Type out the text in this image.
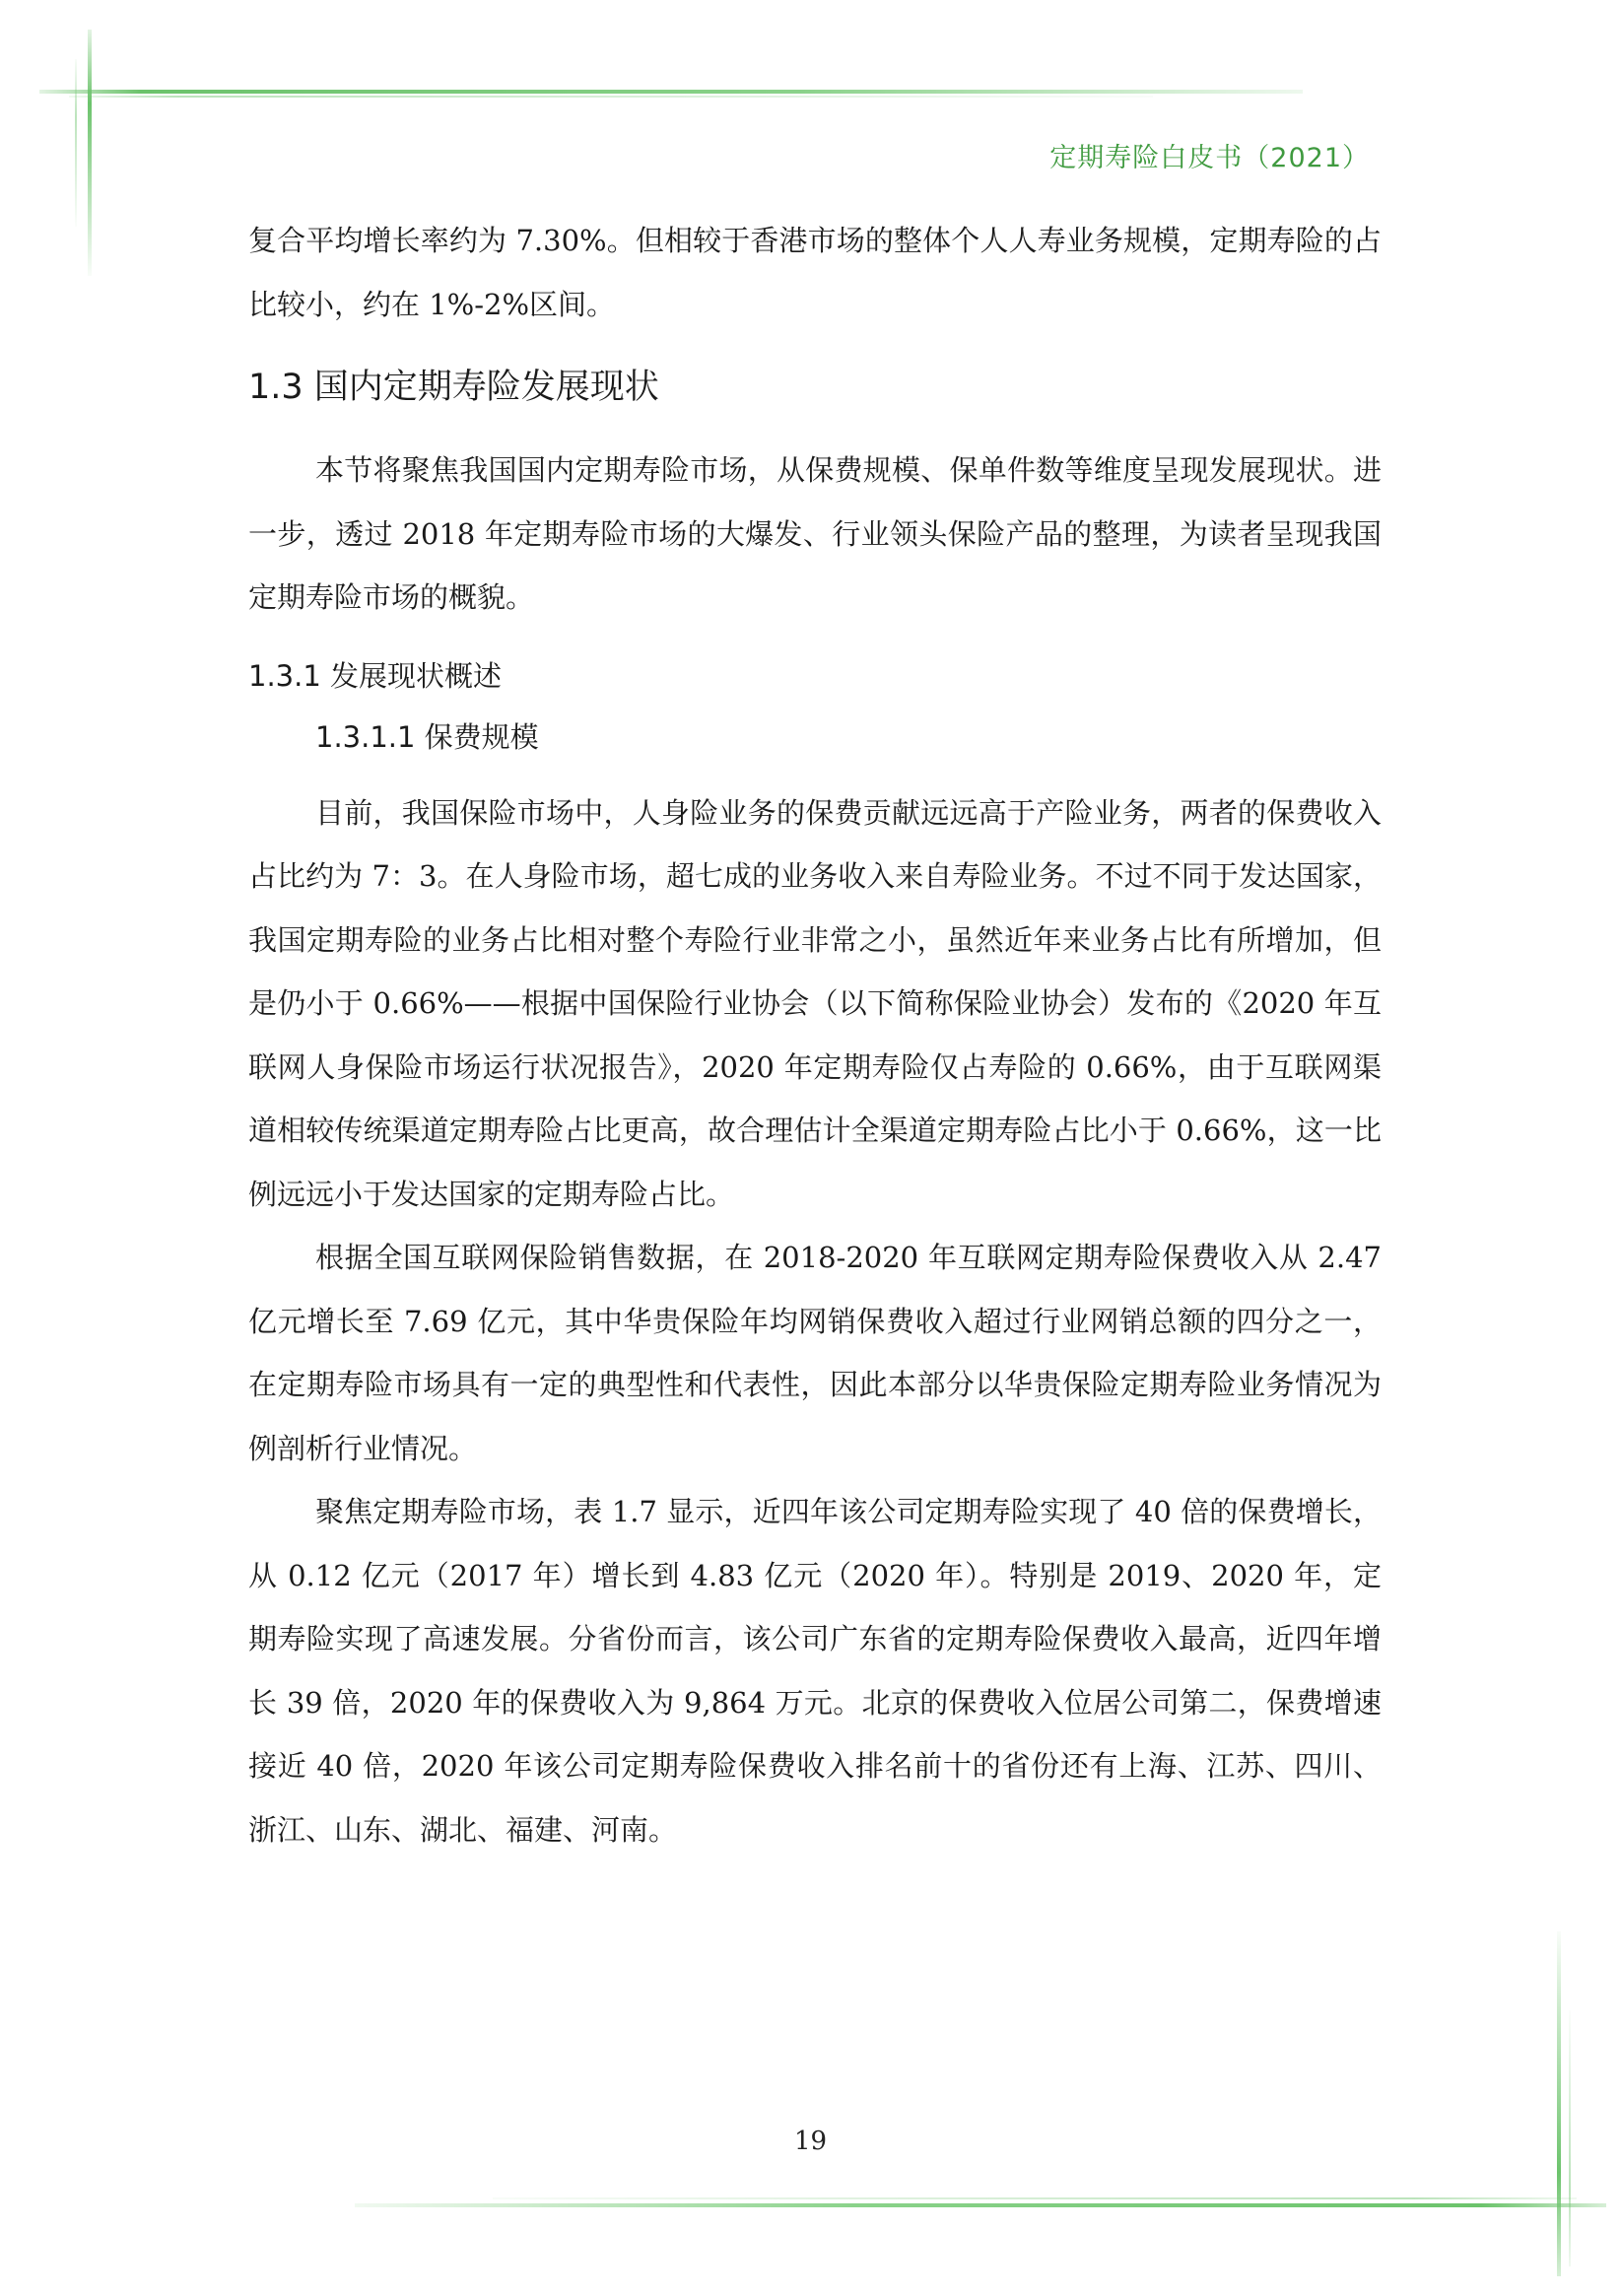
定期寿险白皮书（2021）

复合平均增长率约为 7.30%。但相较于香港市场的整体个人人寿业务规模，定期寿险的占比较小，约在 1%-2%区间。

1.3 国内定期寿险发展现状

本节将聚焦我国国内定期寿险市场，从保费规模、保单件数等维度呈现发展现状。进一步，透过 2018 年定期寿险市场的大爆发、行业领头保险产品的整理，为读者呈现我国定期寿险市场的概貌。

1.3.1 发展现状概述
1.3.1.1 保费规模

目前，我国保险市场中，人身险业务的保费贡献远远高于产险业务，两者的保费收入占比约为 7：3。在人身险市场，超七成的业务收入来自寿险业务。不过不同于发达国家，我国定期寿险的业务占比相对整个寿险行业非常之小，虽然近年来业务占比有所增加，但是仍小于 0.66%——根据中国保险行业协会（以下简称保险业协会）发布的《2020 年互联网人身保险市场运行状况报告》，2020 年定期寿险仅占寿险的 0.66%，由于互联网渠道相较传统渠道定期寿险占比更高，故合理估计全渠道定期寿险占比小于 0.66%，这一比例远远小于发达国家的定期寿险占比。

根据全国互联网保险销售数据，在 2018-2020 年互联网定期寿险保费收入从 2.47 亿元增长至 7.69 亿元，其中华贵保险年均网销保费收入超过行业网销总额的四分之一，在定期寿险市场具有一定的典型性和代表性，因此本部分以华贵保险定期寿险业务情况为例剖析行业情况。

聚焦定期寿险市场，表 1.7 显示，近四年该公司定期寿险实现了 40 倍的保费增长，从 0.12 亿元（2017 年）增长到 4.83 亿元（2020 年）。特别是 2019、2020 年，定期寿险实现了高速发展。分省份而言，该公司广东省的定期寿险保费收入最高，近四年增长 39 倍，2020 年的保费收入为 9,864 万元。北京的保费收入位居公司第二，保费增速接近 40 倍，2020 年该公司定期寿险保费收入排名前十的省份还有上海、江苏、四川、浙江、山东、湖北、福建、河南。

19
